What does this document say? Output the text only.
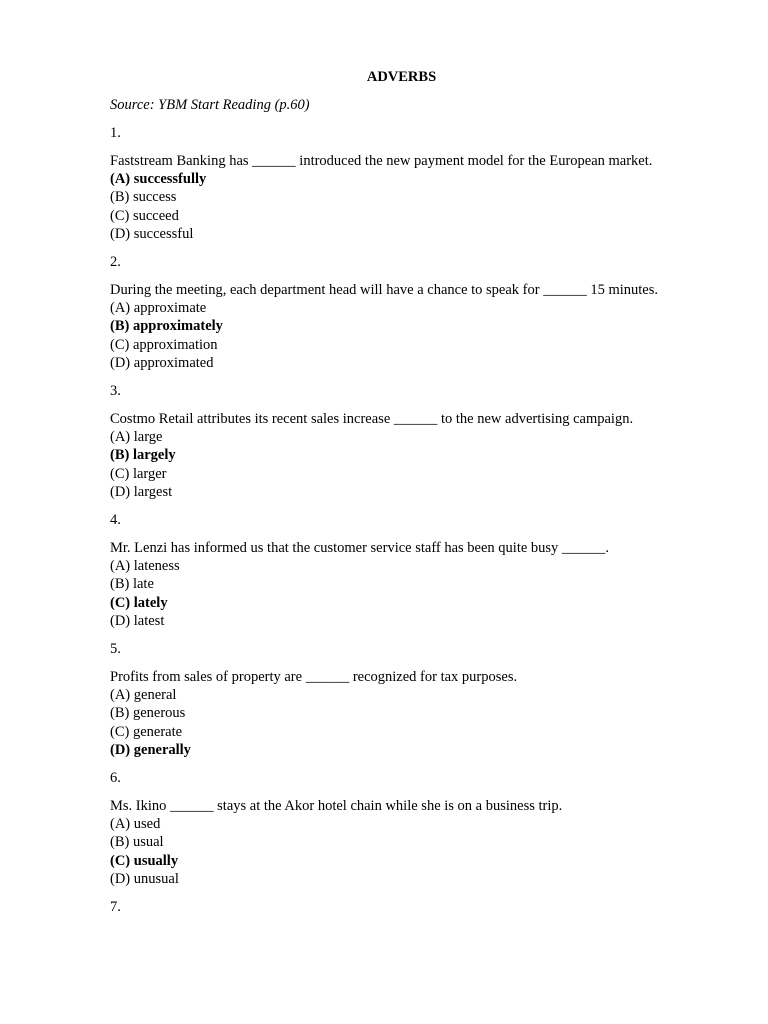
ADVERBS
Source: YBM Start Reading (p.60)
1.
Faststream Banking has ______ introduced the new payment model for the European market.
(A) successfully
(B) success
(C) succeed
(D) successful
2.
During the meeting, each department head will have a chance to speak for ______ 15 minutes.
(A) approximate
(B) approximately
(C) approximation
(D) approximated
3.
Costmo Retail attributes its recent sales increase ______ to the new advertising campaign.
(A) large
(B) largely
(C) larger
(D) largest
4.
Mr. Lenzi has informed us that the customer service staff has been quite busy ______.
(A) lateness
(B) late
(C) lately
(D) latest
5.
Profits from sales of property are ______ recognized for tax purposes.
(A) general
(B) generous
(C) generate
(D) generally
6.
Ms. Ikino ______ stays at the Akor hotel chain while she is on a business trip.
(A) used
(B) usual
(C) usually
(D) unusual
7.
